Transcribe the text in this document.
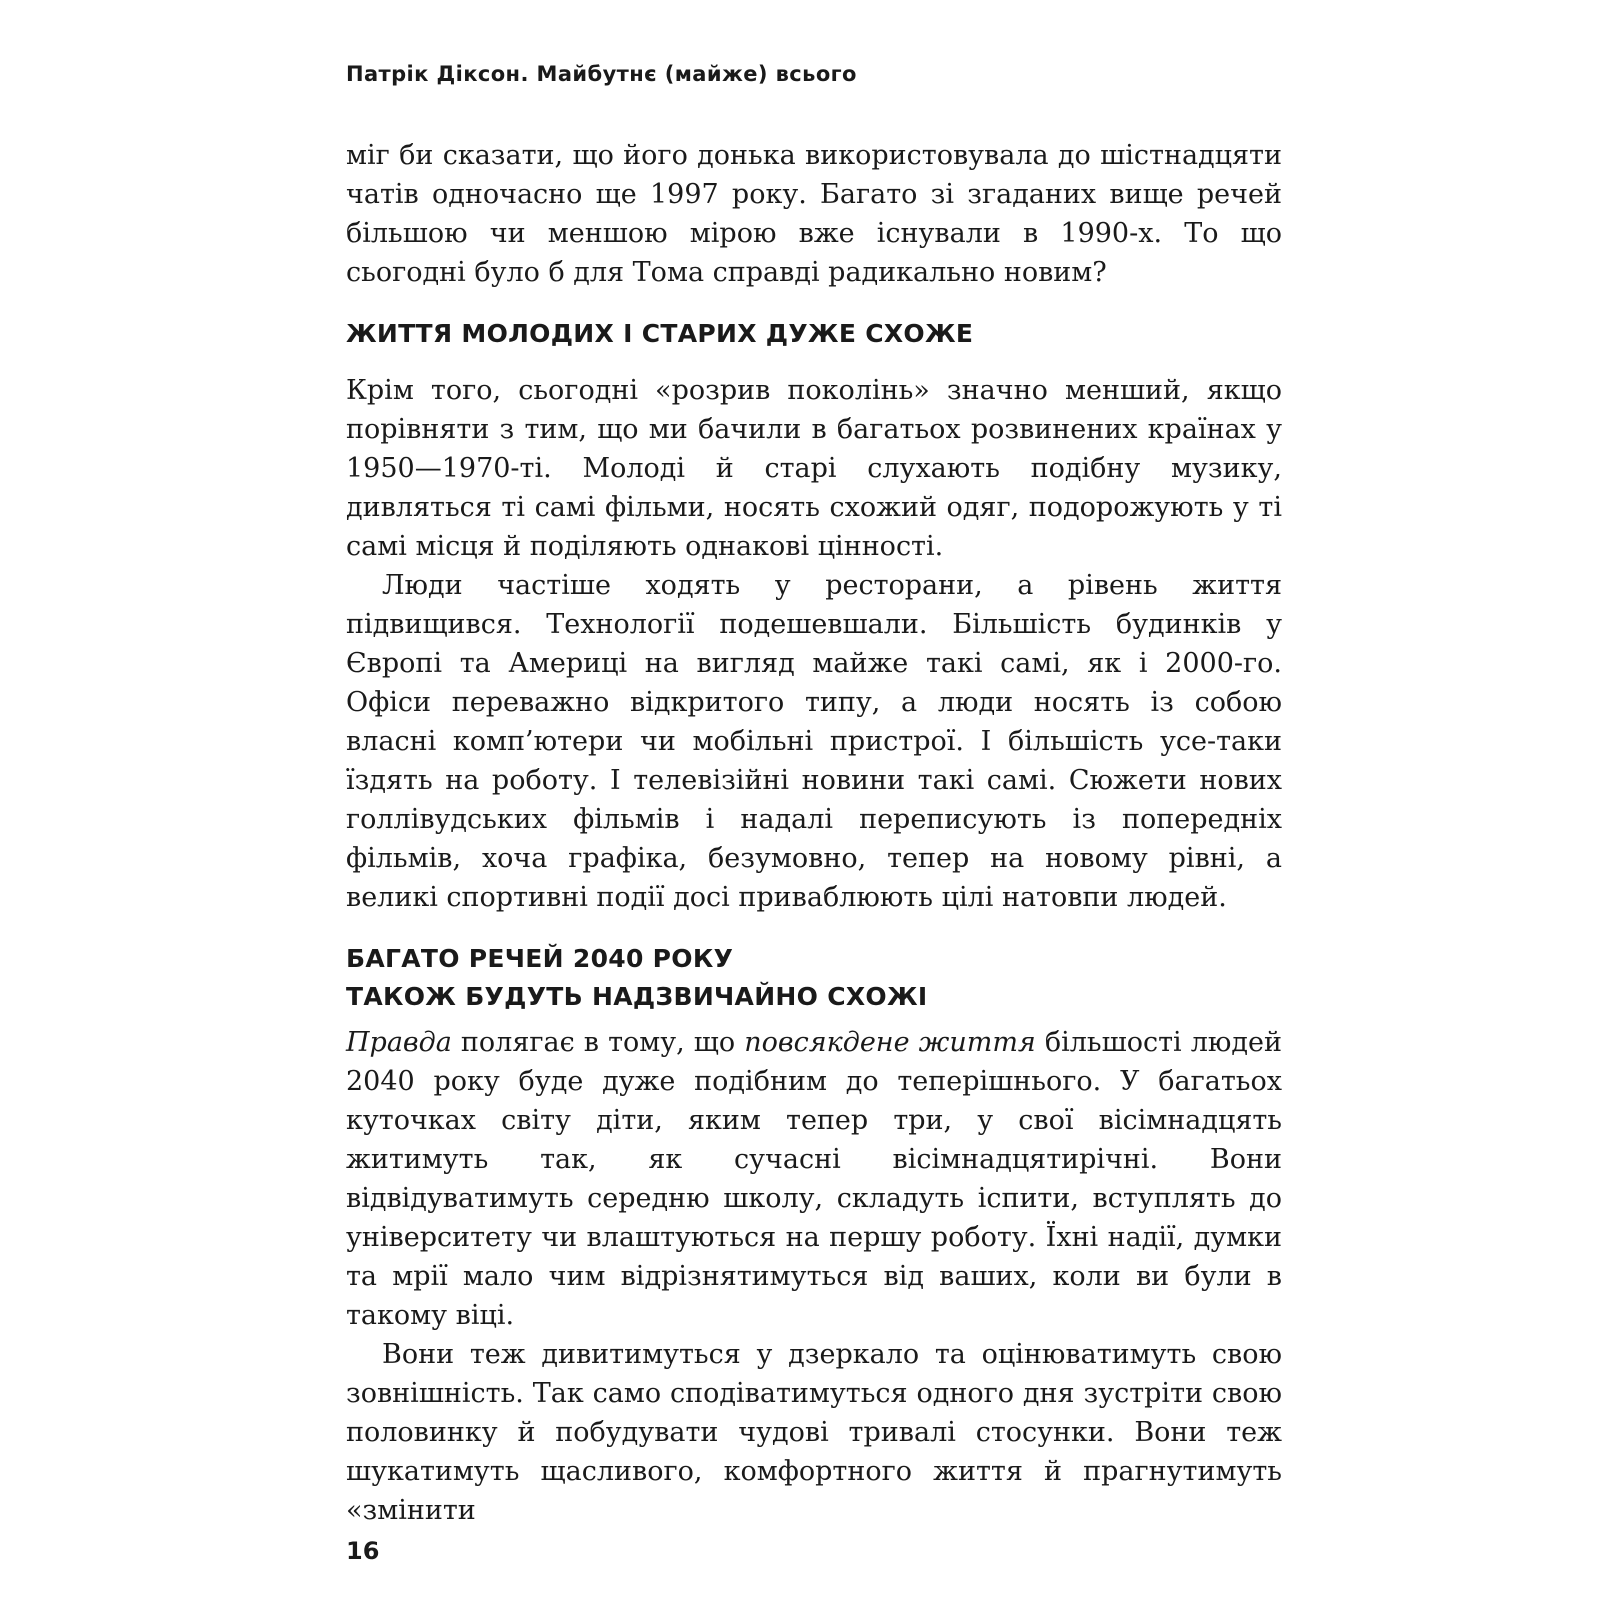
Патрік Діксон. Майбутнє (майже) всього

міг би сказати, що його донька використовувала до шістнадцяти чатів одночасно ще 1997 року. Багато зі згаданих вище речей більшою чи меншою мірою вже існували в 1990-х. То що сьогодні було б для Тома справді радикально новим?

ЖИТТЯ МОЛОДИХ І СТАРИХ ДУЖЕ СХОЖЕ

Крім того, сьогодні «розрив поколінь» значно менший, якщо порівняти з тим, що ми бачили в багатьох розвинених країнах у 1950—1970-ті. Молоді й старі слухають подібну музику, дивляться ті самі фільми, носять схожий одяг, подорожують у ті самі місця й поділяють однакові цінності.

Люди частіше ходять у ресторани, а рівень життя підвищився. Технології подешевшали. Більшість будинків у Європі та Америці на вигляд майже такі самі, як і 2000-го. Офіси переважно відкритого типу, а люди носять із собою власні комп’ютери чи мобільні пристрої. І більшість усе-таки їздять на роботу. І телевізійні новини такі самі. Сюжети нових голлівудських фільмів і надалі переписують із попередніх фільмів, хоча графіка, безумовно, тепер на новому рівні, а великі спортивні події досі приваблюють цілі натовпи людей.

БАГАТО РЕЧЕЙ 2040 РОКУ
ТАКОЖ БУДУТЬ НАДЗВИЧАЙНО СХОЖІ

Правда полягає в тому, що повсякдене життя більшості людей 2040 року буде дуже подібним до теперішнього. У багатьох куточках світу діти, яким тепер три, у свої вісімнадцять житимуть так, як сучасні вісімнадцятирічні. Вони відвідуватимуть середню школу, складуть іспити, вступлять до університету чи влаштуються на першу роботу. Їхні надії, думки та мрії мало чим відрізнятимуться від ваших, коли ви були в такому віці.

Вони теж дивитимуться у дзеркало та оцінюватимуть свою зовнішність. Так само сподіватимуться одного дня зустріти свою половинку й побудувати чудові тривалі стосунки. Вони теж шукатимуть щасливого, комфортного життя й прагнутимуть «змінити

16
